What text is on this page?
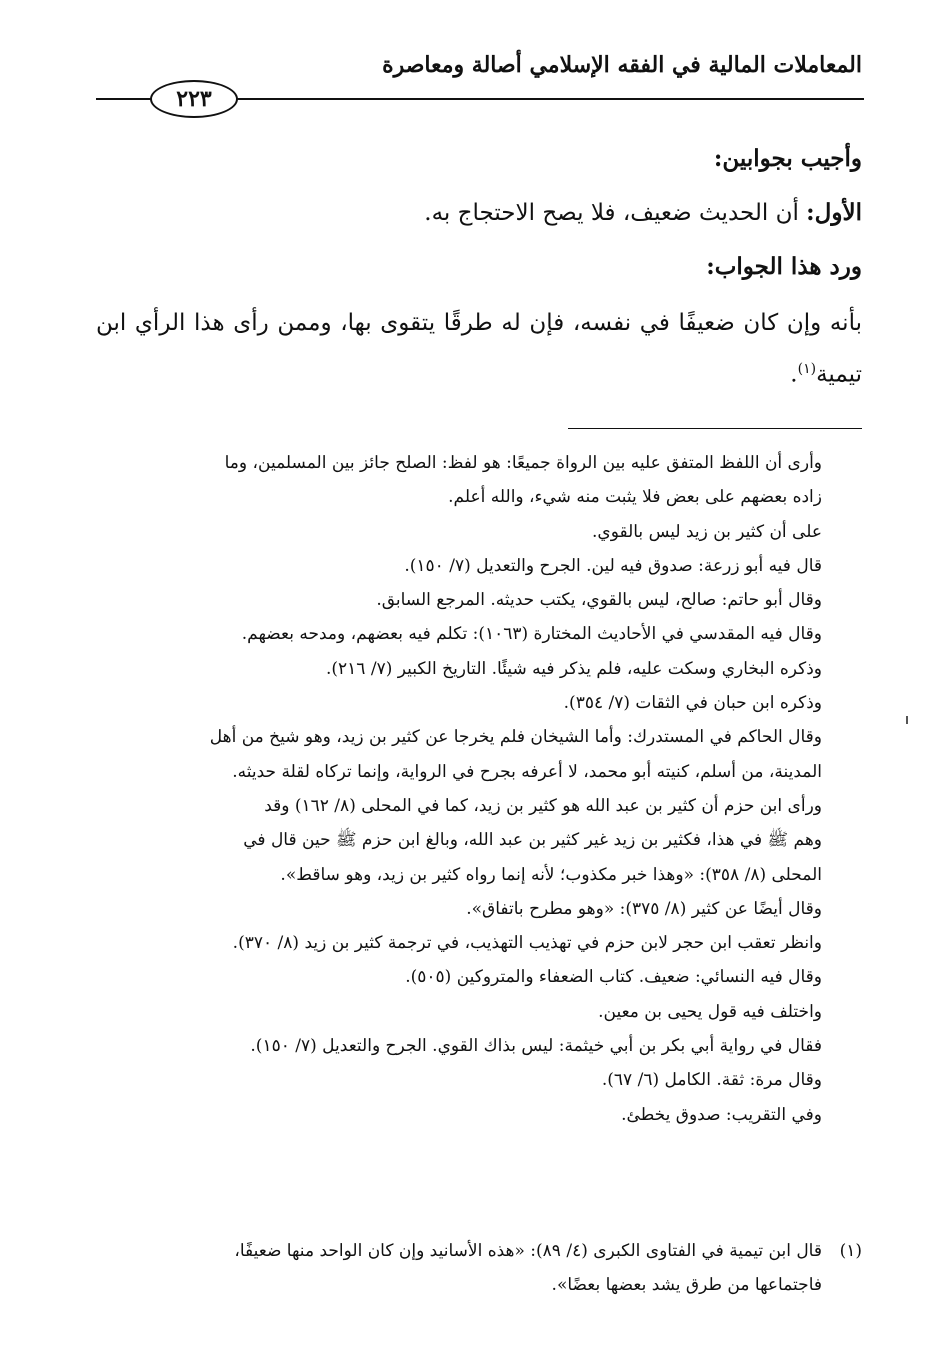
المعاملات المالية في الفقه الإسلامي أصالة ومعاصرة
٢٢٣

وأجيب بجوابين:

الأول: أن الحديث ضعيف، فلا يصح الاحتجاج به.

ورد هذا الجواب:

بأنه وإن كان ضعيفًا في نفسه، فإن له طرقًا يتقوى بها، وممن رأى هذا الرأي ابن تيمية$^{(١)}$.

وأرى أن اللفظ المتفق عليه بين الرواة جميعًا: هو لفظ: الصلح جائز بين المسلمين، وما

زاده بعضهم على بعض فلا يثبت منه شيء، والله أعلم.

على أن كثير بن زيد ليس بالقوي.

قال فيه أبو زرعة: صدوق فيه لين. الجرح والتعديل (٧/ ١٥٠).

وقال أبو حاتم: صالح، ليس بالقوي، يكتب حديثه. المرجع السابق.

وقال فيه المقدسي في الأحاديث المختارة (١٠٦٣): تكلم فيه بعضهم، ومدحه بعضهم.

وذكره البخاري وسكت عليه، فلم يذكر فيه شيئًا. التاريخ الكبير (٧/ ٢١٦).

وذكره ابن حبان في الثقات (٧/ ٣٥٤).

وقال الحاكم في المستدرك: وأما الشيخان فلم يخرجا عن كثير بن زيد، وهو شيخ من أهل

المدينة، من أسلم، كنيته أبو محمد، لا أعرفه بجرح في الرواية، وإنما تركاه لقلة حديثه.

ورأى ابن حزم أن كثير بن عبد الله هو كثير بن زيد، كما في المحلى (٨/ ١٦٢) وقد

وهم ﷺ في هذا، فكثير بن زيد غير كثير بن عبد الله، وبالغ ابن حزم ﷺ حين قال في

المحلى (٨/ ٣٥٨): «وهذا خبر مكذوب؛ لأنه إنما رواه كثير بن زيد، وهو ساقط».

وقال أيضًا عن كثير (٨/ ٣٧٥): «وهو مطرح باتفاق».

وانظر تعقب ابن حجر لابن حزم في تهذيب التهذيب، في ترجمة كثير بن زيد (٨/ ٣٧٠).

وقال فيه النسائي: ضعيف. كتاب الضعفاء والمتروكين (٥٠٥).

واختلف فيه قول يحيى بن معين.

فقال في رواية أبي بكر بن أبي خيثمة: ليس بذاك القوي. الجرح والتعديل (٧/ ١٥٠).

وقال مرة: ثقة. الكامل (٦/ ٦٧).

وفي التقريب: صدوق يخطئ.

(١)

قال ابن تيمية في الفتاوى الكبرى (٤/ ٨٩): «هذه الأسانيد وإن كان الواحد منها ضعيفًا،

فاجتماعها من طرق يشد بعضها بعضًا».
